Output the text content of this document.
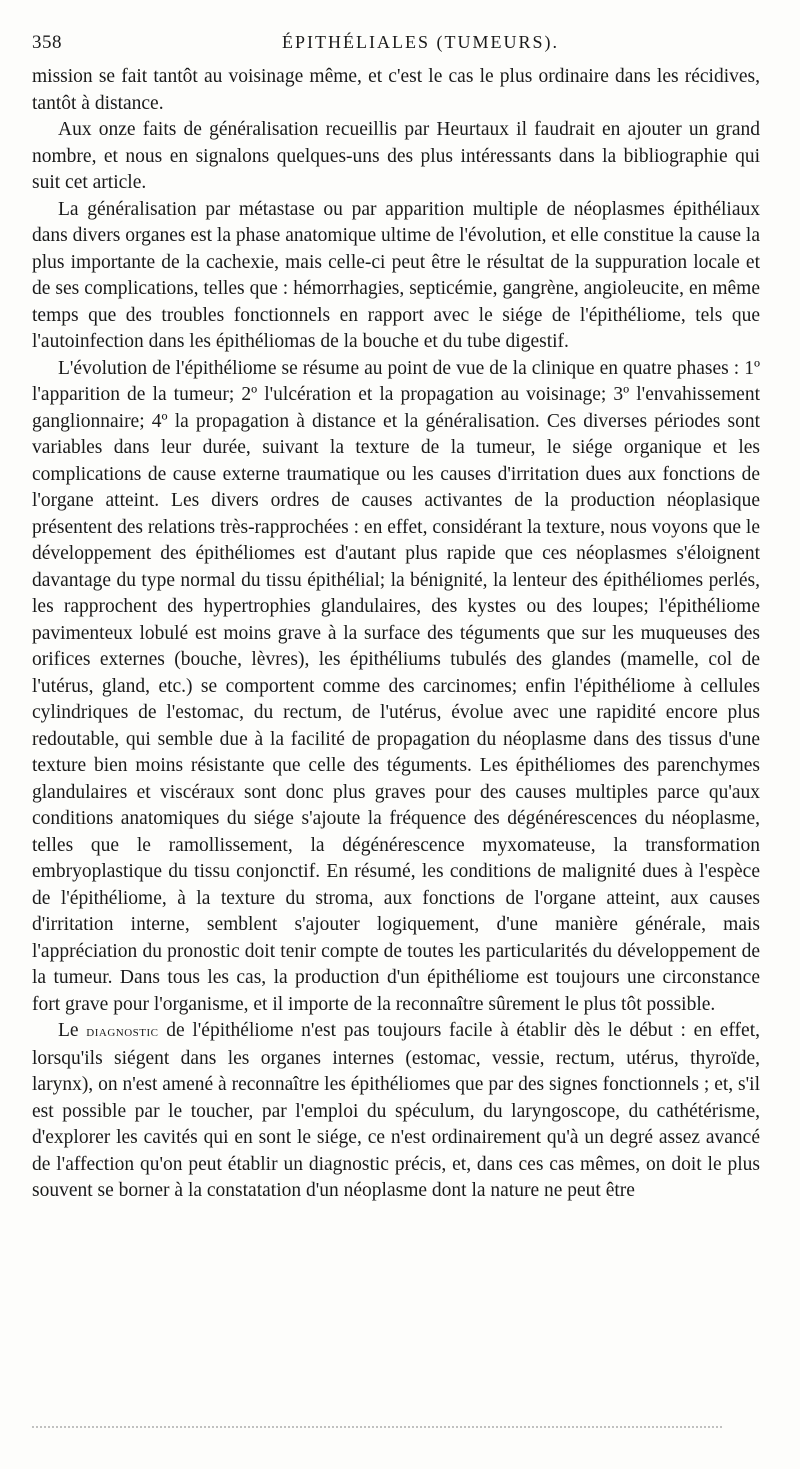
358	ÉPITHÉLIALES (TUMEURS).

mission se fait tantôt au voisinage même, et c'est le cas le plus ordinaire dans les récidives, tantôt à distance.

Aux onze faits de généralisation recueillis par Heurtaux il faudrait en ajouter un grand nombre, et nous en signalons quelques-uns des plus intéressants dans la bibliographie qui suit cet article.

La généralisation par métastase ou par apparition multiple de néoplasmes épithéliaux dans divers organes est la phase anatomique ultime de l'évolution, et elle constitue la cause la plus importante de la cachexie, mais celle-ci peut être le résultat de la suppuration locale et de ses complications, telles que : hémorrhagies, septicémie, gangrène, angioleucite, en même temps que des troubles fonctionnels en rapport avec le siége de l'épithéliome, tels que l'autoinfection dans les épithéliomas de la bouche et du tube digestif.

L'évolution de l'épithéliome se résume au point de vue de la clinique en quatre phases : 1º l'apparition de la tumeur; 2º l'ulcération et la propagation au voisinage; 3º l'envahissement ganglionnaire; 4º la propagation à distance et la généralisation. Ces diverses périodes sont variables dans leur durée, suivant la texture de la tumeur, le siége organique et les complications de cause externe traumatique ou les causes d'irritation dues aux fonctions de l'organe atteint. Les divers ordres de causes activantes de la production néoplasique présentent des relations très-rapprochées : en effet, considérant la texture, nous voyons que le développement des épithéliomes est d'autant plus rapide que ces néoplasmes s'éloignent davantage du type normal du tissu épithélial; la bénignité, la lenteur des épithéliomes perlés, les rapprochent des hypertrophies glandulaires, des kystes ou des loupes; l'épithéliome pavimenteux lobulé est moins grave à la surface des téguments que sur les muqueuses des orifices externes (bouche, lèvres), les épithéliums tubulés des glandes (mamelle, col de l'utérus, gland, etc.) se comportent comme des carcinomes; enfin l'épithéliome à cellules cylindriques de l'estomac, du rectum, de l'utérus, évolue avec une rapidité encore plus redoutable, qui semble due à la facilité de propagation du néoplasme dans des tissus d'une texture bien moins résistante que celle des téguments. Les épithéliomes des parenchymes glandulaires et viscéraux sont donc plus graves pour des causes multiples parce qu'aux conditions anatomiques du siége s'ajoute la fréquence des dégénérescences du néoplasme, telles que le ramollissement, la dégénérescence myxomateuse, la transformation embryoplastique du tissu conjonctif. En résumé, les conditions de malignité dues à l'espèce de l'épithéliome, à la texture du stroma, aux fonctions de l'organe atteint, aux causes d'irritation interne, semblent s'ajouter logiquement, d'une manière générale, mais l'appréciation du pronostic doit tenir compte de toutes les particularités du développement de la tumeur. Dans tous les cas, la production d'un épithéliome est toujours une circonstance fort grave pour l'organisme, et il importe de la reconnaître sûrement le plus tôt possible.

Le diagnostic de l'épithéliome n'est pas toujours facile à établir dès le début : en effet, lorsqu'ils siégent dans les organes internes (estomac, vessie, rectum, utérus, thyroïde, larynx), on n'est amené à reconnaître les épithéliomes que par des signes fonctionnels ; et, s'il est possible par le toucher, par l'emploi du spéculum, du laryngoscope, du cathétérisme, d'explorer les cavités qui en sont le siége, ce n'est ordinairement qu'à un degré assez avancé de l'affection qu'on peut établir un diagnostic précis, et, dans ces cas mêmes, on doit le plus souvent se borner à la constatation d'un néoplasme dont la nature ne peut être
